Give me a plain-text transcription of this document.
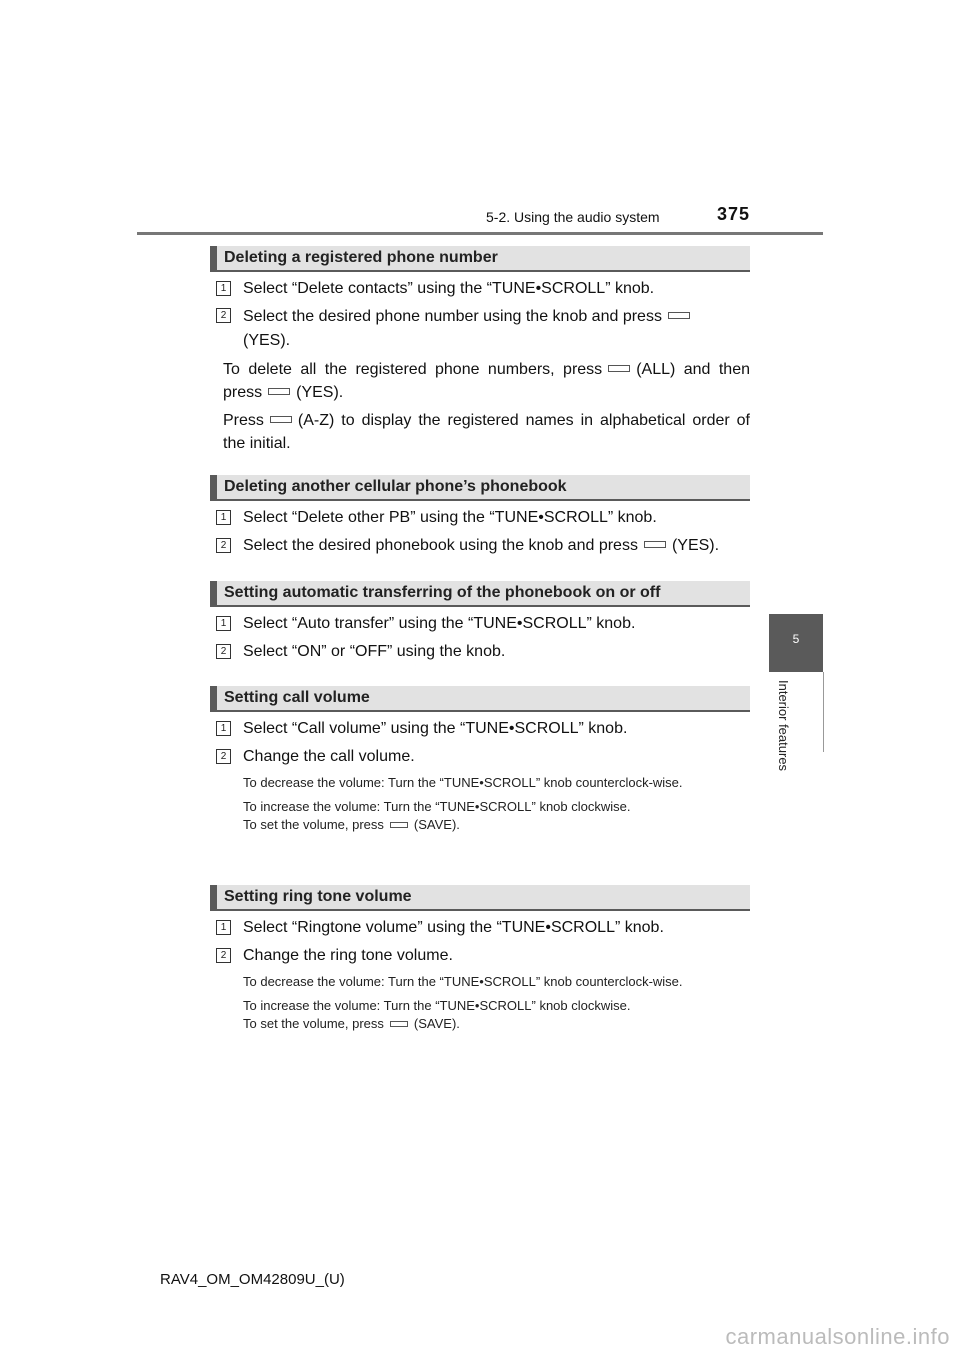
5-2. Using the audio system	375
5
Interior features
Deleting a registered phone number
1 Select “Delete contacts” using the “TUNE•SCROLL” knob.
2 Select the desired phone number using the knob and press
(YES).
To delete all the registered phone numbers, press (ALL) and then press (YES).
Press (A-Z) to display the registered names in alphabetical order of the initial.
Deleting another cellular phone’s phonebook
1 Select “Delete other PB” using the “TUNE•SCROLL” knob.
2 Select the desired phonebook using the knob and press (YES).
Setting automatic transferring of the phonebook on or off
1 Select “Auto transfer” using the “TUNE•SCROLL” knob.
2 Select “ON” or “OFF” using the knob.
Setting call volume
1 Select “Call volume” using the “TUNE•SCROLL” knob.
2 Change the call volume.
To decrease the volume: Turn the “TUNE•SCROLL” knob counterclock-wise.
To increase the volume: Turn the “TUNE•SCROLL” knob clockwise.
To set the volume, press (SAVE).
Setting ring tone volume
1 Select “Ringtone volume” using the “TUNE•SCROLL” knob.
2 Change the ring tone volume.
To decrease the volume: Turn the “TUNE•SCROLL” knob counterclock-wise.
To increase the volume: Turn the “TUNE•SCROLL” knob clockwise.
To set the volume, press (SAVE).
RAV4_OM_OM42809U_(U)
carmanualsonline.info
